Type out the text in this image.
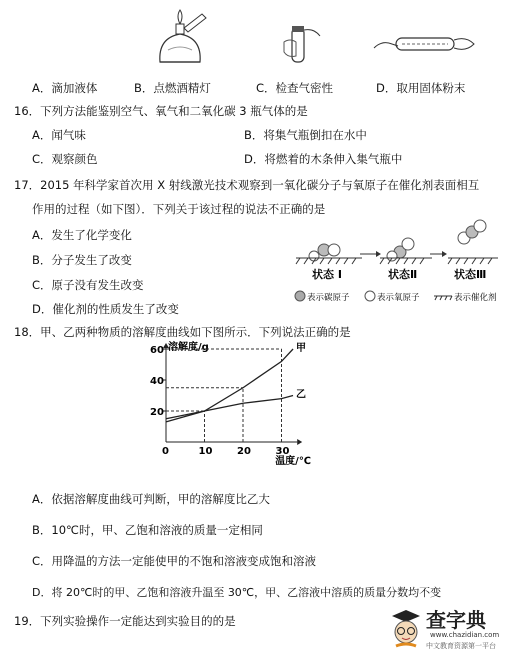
A．滴加液体	B．点燃酒精灯	C．检查气密性	D．取用固体粉末
16．下列方法能鉴别空气、氧气和二氧化碳 3 瓶气体的是
A．闻气味	B．将集气瓶倒扣在水中
C．观察颜色	D．将燃着的木条伸入集气瓶中
17．2015 年科学家首次用 X 射线激光技术观察到一氧化碳分子与氧原子在催化剂表面相互
作用的过程（如下图）．下列关于该过程的说法不正确的是
A．发生了化学变化
B．分子发生了改变
C．原子没有发生改变
D．催化剂的性质发生了改变
状态 I	状态Ⅱ	状态Ⅲ
表示碳原子	表示氧原子	表示催化剂
18．甲、乙两种物质的溶解度曲线如下图所示．下列说法正确的是
溶解度/g
温度/℃
0	10 20 30
20
40
60	甲
乙
A．依据溶解度曲线可判断，甲的溶解度比乙大
B．10℃时，甲、乙饱和溶液的质量一定相同
C．用降温的方法一定能使甲的不饱和溶液变成饱和溶液
D．将 20℃时的甲、乙饱和溶液升温至 30℃，甲、乙溶液中溶质的质量分数均不变
19．下列实验操作一定能达到实验目的的是	查字典
www.chazidian.com
中文教育资源第一平台
